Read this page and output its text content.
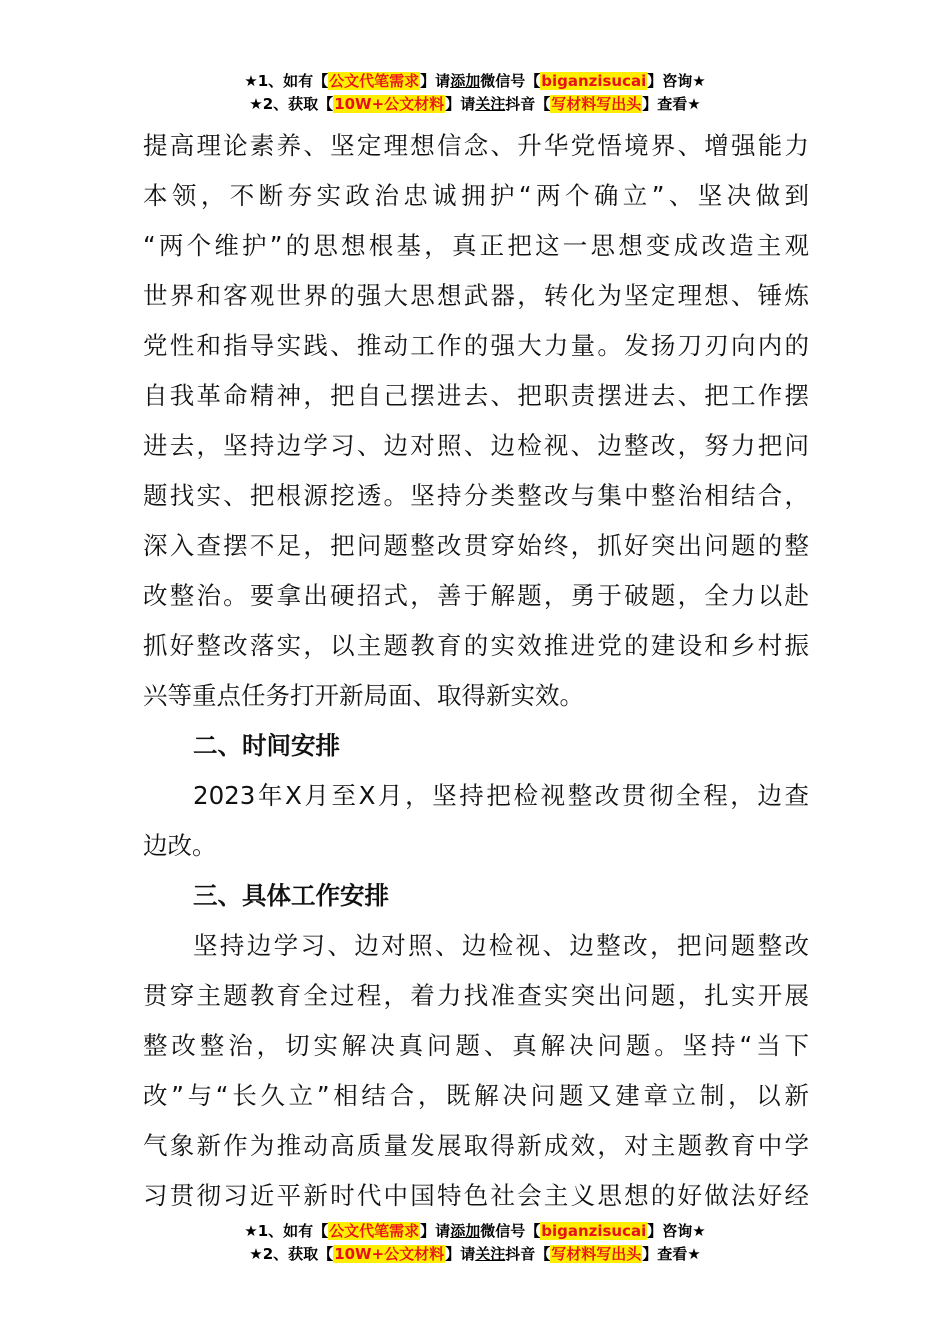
★1、如有【公文代笔需求】请添加微信号【biganzisucai】咨询★
★2、获取【10W+公文材料】请关注抖音【写材料写出头】查看★
提高理论素养、坚定理想信念、升华党悟境界、增强能力
本领，不断夯实政治忠诚拥护“两个确立”、坚决做到
“两个维护”的思想根基，真正把这一思想变成改造主观
世界和客观世界的强大思想武器，转化为坚定理想、锤炼
党性和指导实践、推动工作的强大力量。发扬刀刃向内的
自我革命精神，把自己摆进去、把职责摆进去、把工作摆
进去，坚持边学习、边对照、边检视、边整改，努力把问
题找实、把根源挖透。坚持分类整改与集中整治相结合，
深入查摆不足，把问题整改贯穿始终，抓好突出问题的整
改整治。要拿出硬招式，善于解题，勇于破题，全力以赴
抓好整改落实，以主题教育的实效推进党的建设和乡村振
兴等重点任务打开新局面、取得新实效。
二、时间安排
2023年X月至X月，坚持把检视整改贯彻全程，边查
边改。
三、具体工作安排
坚持边学习、边对照、边检视、边整改，把问题整改
贯穿主题教育全过程，着力找准查实突出问题，扎实开展
整改整治，切实解决真问题、真解决问题。坚持“当下
改”与“长久立”相结合，既解决问题又建章立制，以新
气象新作为推动高质量发展取得新成效，对主题教育中学
习贯彻习近平新时代中国特色社会主义思想的好做法好经
★1、如有【公文代笔需求】请添加微信号【biganzisucai】咨询★
★2、获取【10W+公文材料】请关注抖音【写材料写出头】查看★
